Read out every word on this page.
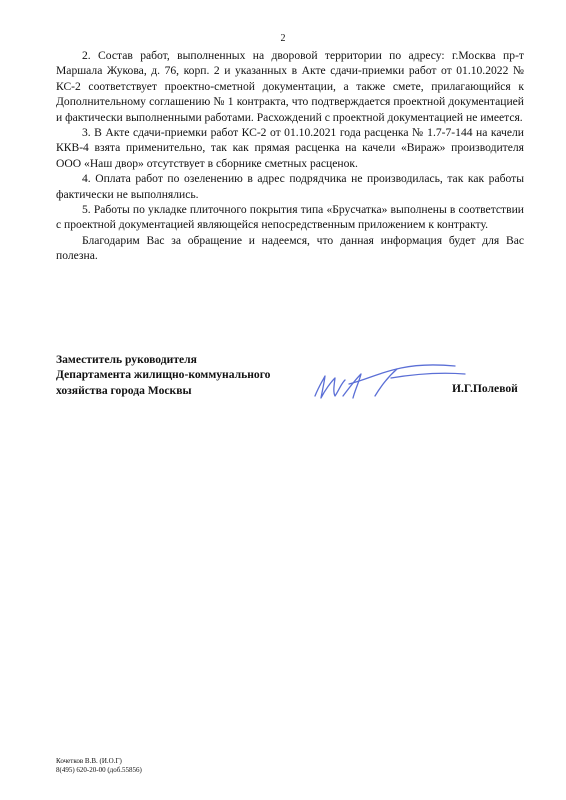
2

2. Состав работ, выполненных на дворовой территории по адресу: г.Москва пр-т Маршала Жукова, д. 76, корп. 2 и указанных в Акте сдачи-приемки работ от 01.10.2022 № КС-2 соответствует проектно-сметной документации, а также смете, прилагающийся к Дополнительному соглашению № 1 контракта, что подтверждается проектной документацией и фактически выполненными работами. Расхождений с проектной документацией не имеется.

3. В Акте сдачи-приемки работ КС-2 от 01.10.2021 года расценка № 1.7-7-144 на качели ККВ-4 взята применительно, так как прямая расценка на качели «Вираж» производителя ООО «Наш двор» отсутствует в сборнике сметных расценок.

4. Оплата работ по озеленению в адрес подрядчика не производилась, так как работы фактически не выполнялись.

5. Работы по укладке плиточного покрытия типа «Брусчатка» выполнены в соответствии с проектной документацией являющейся непосредственным приложением к контракту.

Благодарим Вас за обращение и надеемся, что данная информация будет для Вас полезна.

Заместитель руководителя
Департамента жилищно-коммунального
хозяйства города Москвы	И.Г.Полевой
Кочетков В.В. (И.О.Г)
8(495) 620-20-00 (доб.55856)
